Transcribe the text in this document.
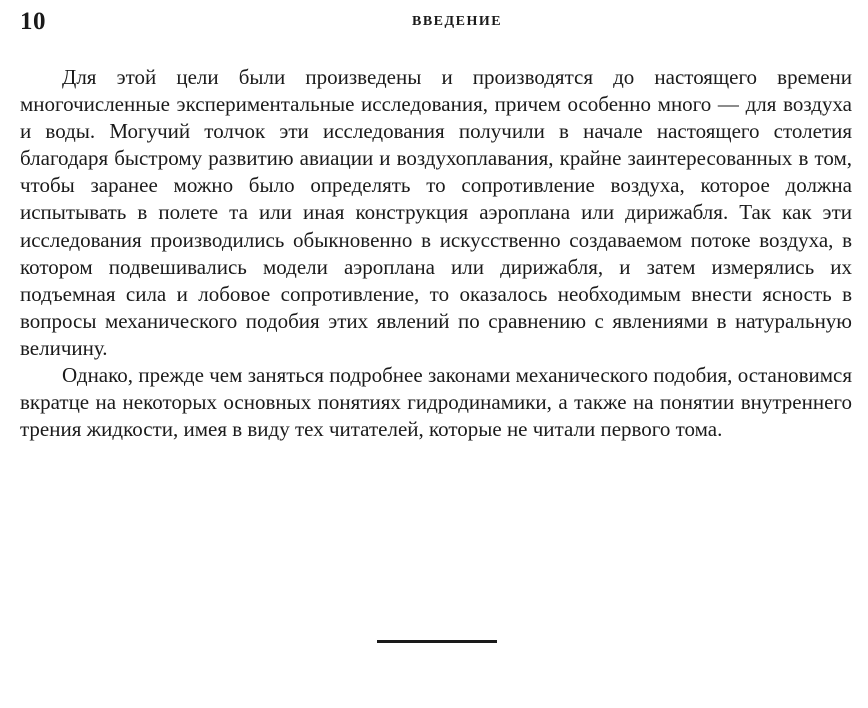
10	ВВЕДЕНИЕ

Для этой цели были произведены и производятся до настоящего времени многочисленные экспериментальные исследования, причем особенно много — для воздуха и воды. Могучий толчок эти исследования получили в начале настоящего столетия благодаря быстрому развитию авиации и воздухоплавания, крайне заинтересованных в том, чтобы заранее можно было определять то сопротивление воздуха, которое должна испытывать в полете та или иная конструкция аэроплана или дирижабля. Так как эти исследования производились обыкновенно в искусственно создаваемом потоке воздуха, в котором подвешивались модели аэроплана или дирижабля, и затем измерялись их подъемная сила и лобовое сопротивление, то оказалось необходимым внести ясность в вопросы механического подобия этих явлений по сравнению с явлениями в натуральную величину.

Однако, прежде чем заняться подробнее законами механического подобия, остановимся вкратце на некоторых основных понятиях гидродинамики, а также на понятии внутреннего трения жидкости, имея в виду тех читателей, которые не читали первого тома.
